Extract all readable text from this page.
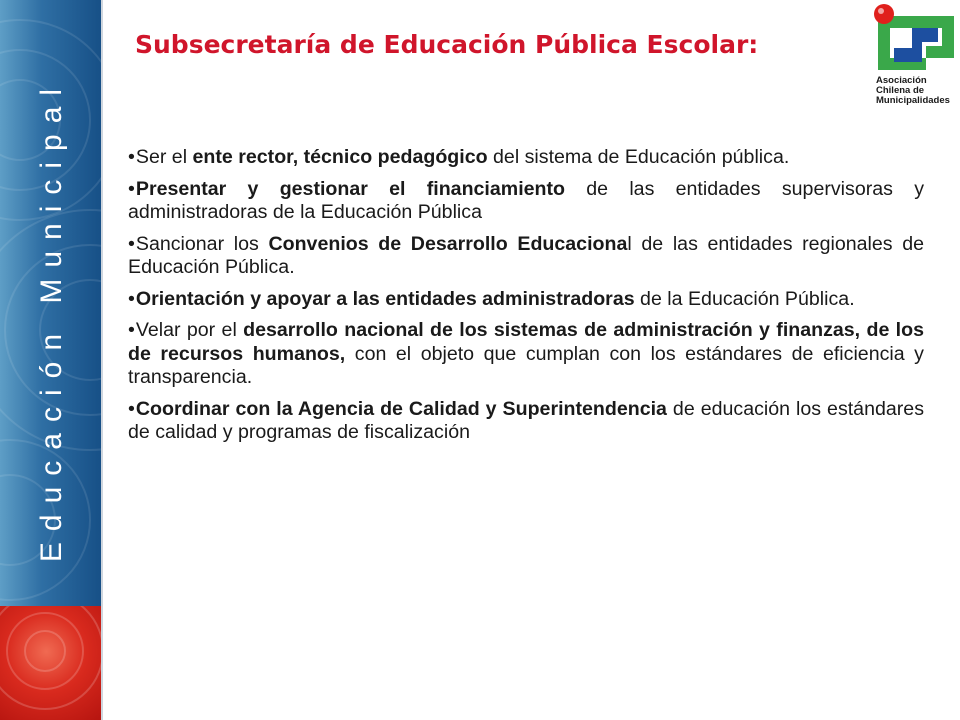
Educación Municipal
Subsecretaría de Educación Pública Escolar:
Asociación
Chilena de
Municipalidades

•Ser el ente rector, técnico pedagógico del sistema de Educación pública.

•Presentar y gestionar el financiamiento de las entidades supervisoras y administradoras de la Educación Pública

•Sancionar los Convenios de Desarrollo Educacional de las entidades regionales de Educación Pública.

•Orientación y apoyar a las entidades administradoras de la Educación Pública.

•Velar por el desarrollo nacional de los sistemas de administración y finanzas, de los de recursos humanos, con el objeto que cumplan con los estándares de eficiencia y transparencia.

•Coordinar con la Agencia de Calidad y Superintendencia de educación los estándares de calidad y programas de fiscalización
